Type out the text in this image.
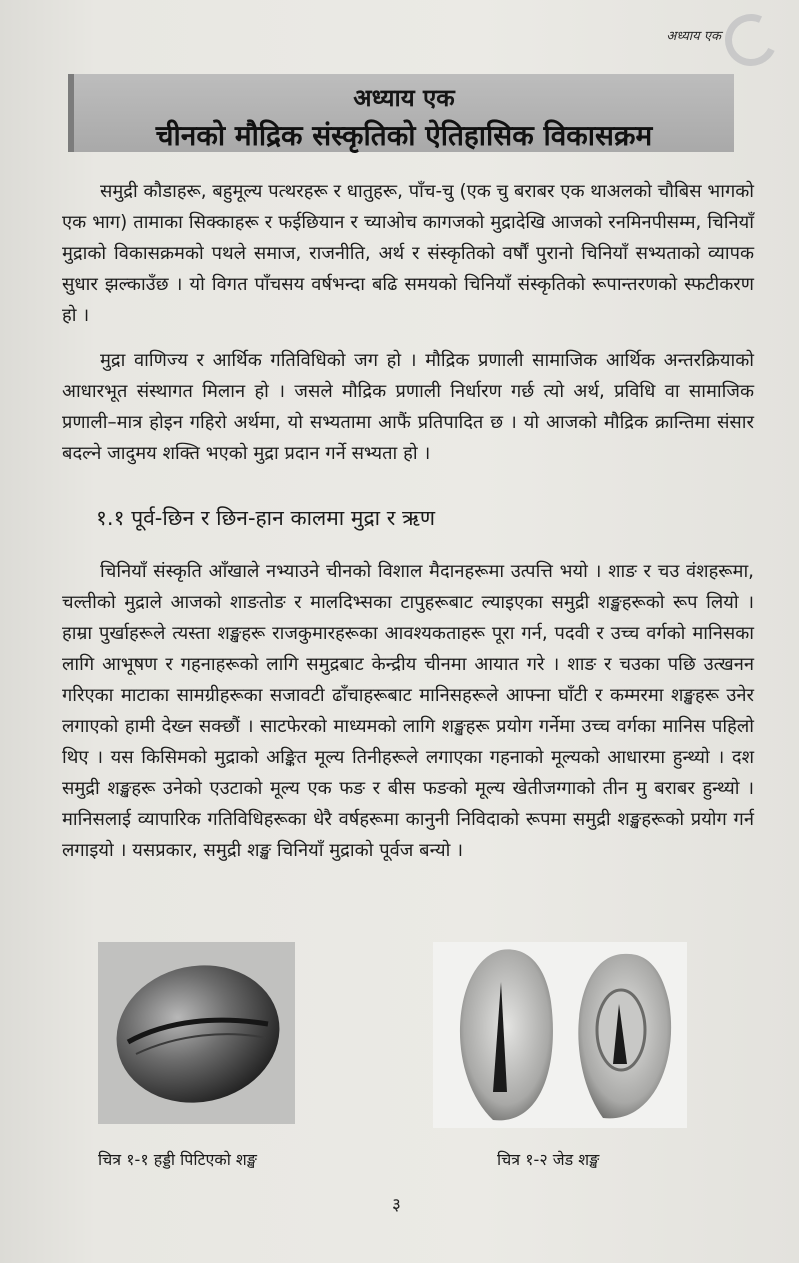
अध्याय एक
अध्याय एक
चीनको मौद्रिक संस्कृतिको ऐतिहासिक विकासक्रम

समुद्री कौडाहरू, बहुमूल्य पत्थरहरू र धातुहरू, पाँच-चु (एक चु बराबर एक थाअलको चौबिस भागको एक भाग) तामाका सिक्काहरू र फईछियान र च्याओच कागजको मुद्रादेखि आजको रनमिनपीसम्म, चिनियाँ मुद्राको विकासक्रमको पथले समाज, राजनीति, अर्थ र संस्कृतिको वर्षौं पुरानो चिनियाँ सभ्यताको व्यापक सुधार झल्काउँछ । यो विगत पाँचसय वर्षभन्दा बढि समयको चिनियाँ संस्कृतिको रूपान्तरणको स्फटीकरण हो ।

मुद्रा वाणिज्य र आर्थिक गतिविधिको जग हो । मौद्रिक प्रणाली सामाजिक आर्थिक अन्तरक्रियाको आधारभूत संस्थागत मिलान हो । जसले मौद्रिक प्रणाली निर्धारण गर्छ त्यो अर्थ, प्रविधि वा सामाजिक प्रणाली–मात्र होइन गहिरो अर्थमा, यो सभ्यतामा आफैं प्रतिपादित छ । यो आजको मौद्रिक क्रान्तिमा संसार बदल्ने जादुमय शक्ति भएको मुद्रा प्रदान गर्ने सभ्यता हो ।

१.१ पूर्व-छिन र छिन-हान कालमा मुद्रा र ऋण

चिनियाँ संस्कृति आँखाले नभ्याउने चीनको विशाल मैदानहरूमा उत्पत्ति भयो । शाङ र चउ वंशहरूमा, चल्तीको मुद्राले आजको शाङतोङ र मालदिभ्सका टापुहरूबाट ल्याइएका समुद्री शङ्खहरूको रूप लियो । हाम्रा पुर्खाहरूले त्यस्ता शङ्खहरू राजकुमारहरूका आवश्यकताहरू पूरा गर्न, पदवी र उच्च वर्गको मानिसका लागि आभूषण र गहनाहरूको लागि समुद्रबाट केन्द्रीय चीनमा आयात गरे । शाङ र चउका पछि उत्खनन गरिएका माटाका सामग्रीहरूका सजावटी ढाँचाहरूबाट मानिसहरूले आफ्ना घाँटी र कम्मरमा शङ्खहरू उनेर लगाएको हामी देख्न सक्छौं । साटफेरको माध्यमको लागि शङ्खहरू प्रयोग गर्नेमा उच्च वर्गका मानिस पहिलो थिए । यस किसिमको मुद्राको अङ्कित मूल्य तिनीहरूले लगाएका गहनाको मूल्यको आधारमा हुन्थ्यो । दश समुद्री शङ्खहरू उनेको एउटाको मूल्य एक फङ र बीस फङको मूल्य खेतीजग्गाको तीन मु बराबर हुन्थ्यो । मानिसलाई व्यापारिक गतिविधिहरूका धेरै वर्षहरूमा कानुनी निविदाको रूपमा समुद्री शङ्खहरूको प्रयोग गर्न लगाइयो । यसप्रकार, समुद्री शङ्ख चिनियाँ मुद्राको पूर्वज बन्यो ।

चित्र १-१ हड्डी पिटिएको शङ्ख	चित्र १-२ जेड शङ्ख
३
